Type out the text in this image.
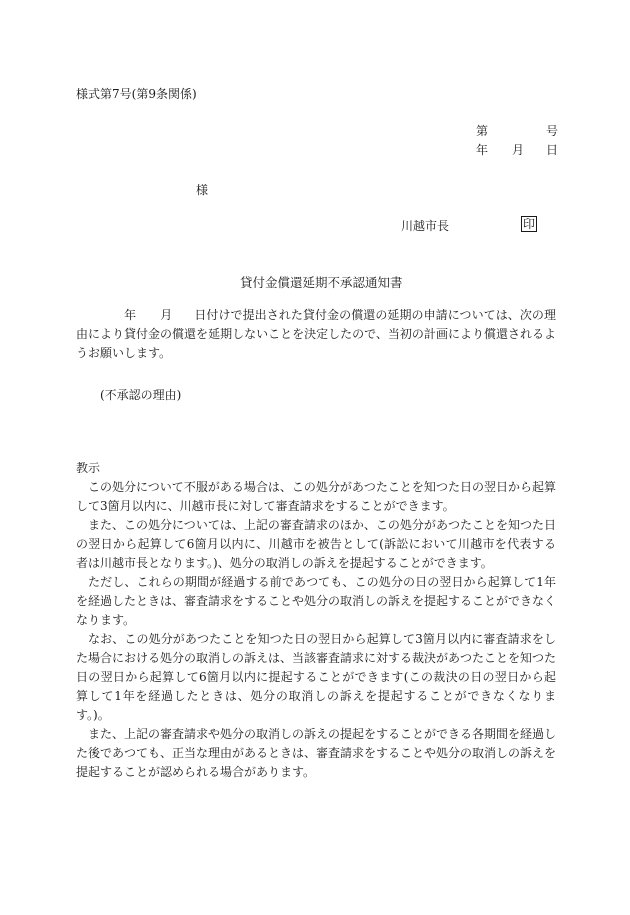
様式第7号(第9条関係)
第	号
年 月 日
様
川越市長	印
貸付金償還延期不承認通知書

年 月 日付けで提出された貸付金の償還の延期の申請については、次の理由により貸付金の償還を延期しないことを決定したので、当初の計画により償還されるようお願いします。

(不承認の理由)

教示

この処分について不服がある場合は、この処分があつたことを知つた日の翌日から起算して3箇月以内に、川越市長に対して審査請求をすることができます。

また、この処分については、上記の審査請求のほか、この処分があつたことを知つた日の翌日から起算して6箇月以内に、川越市を被告として(訴訟において川越市を代表する者は川越市長となります。)、処分の取消しの訴えを提起することができます。

ただし、これらの期間が経過する前であつても、この処分の日の翌日から起算して1年を経過したときは、審査請求をすることや処分の取消しの訴えを提起することができなくなります。

なお、この処分があつたことを知つた日の翌日から起算して3箇月以内に審査請求をした場合における処分の取消しの訴えは、当該審査請求に対する裁決があつたことを知つた日の翌日から起算して6箇月以内に提起することができます(この裁決の日の翌日から起算して1年を経過したときは、処分の取消しの訴えを提起することができなくなります。)。

また、上記の審査請求や処分の取消しの訴えの提起をすることができる各期間を経過した後であつても、正当な理由があるときは、審査請求をすることや処分の取消しの訴えを提起することが認められる場合があります。
